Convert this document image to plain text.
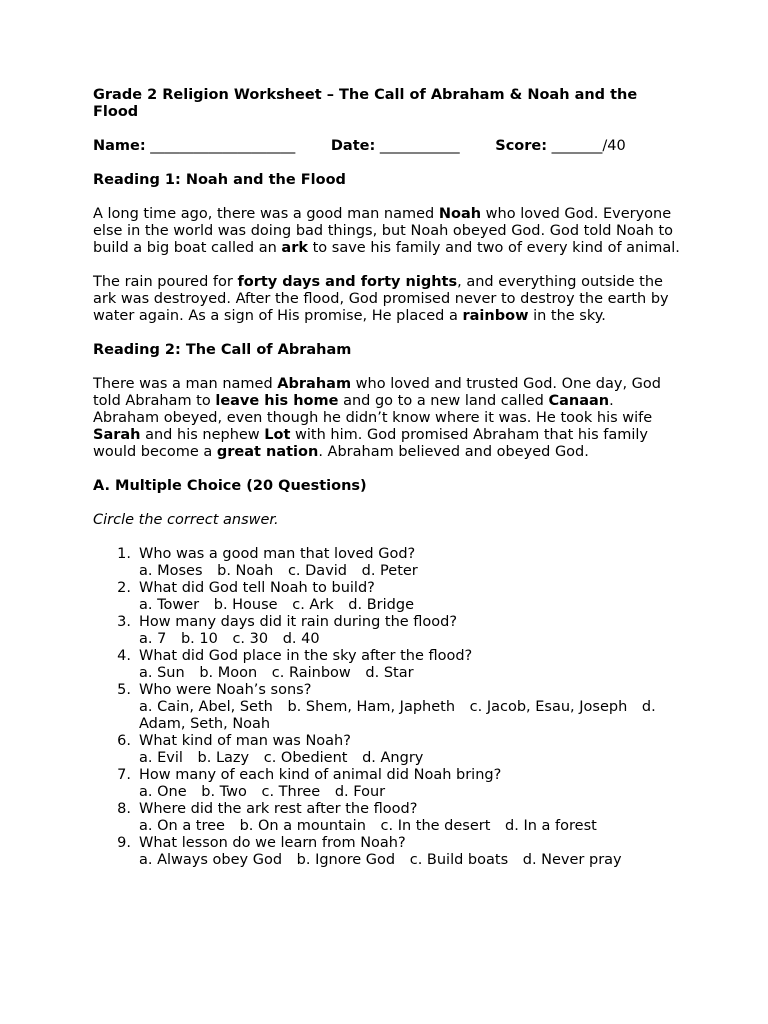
Grade 2 Religion Worksheet – The Call of Abraham & Noah and the Flood

Name: ____________________ Date: ___________ Score: _______/40

Reading 1: Noah and the Flood

A long time ago, there was a good man named Noah who loved God. Everyone else in the world was doing bad things, but Noah obeyed God. God told Noah to build a big boat called an ark to save his family and two of every kind of animal.

The rain poured for forty days and forty nights, and everything outside the ark was destroyed. After the flood, God promised never to destroy the earth by water again. As a sign of His promise, He placed a rainbow in the sky.

Reading 2: The Call of Abraham

There was a man named Abraham who loved and trusted God. One day, God told Abraham to leave his home and go to a new land called Canaan. Abraham obeyed, even though he didn’t know where it was. He took his wife Sarah and his nephew Lot with him. God promised Abraham that his family would become a great nation. Abraham believed and obeyed God.

A. Multiple Choice (20 Questions)

Circle the correct answer.

1. Who was a good man that loved God?
a. Moses b. Noah c. David d. Peter
2. What did God tell Noah to build?
a. Tower b. House c. Ark d. Bridge
3. How many days did it rain during the flood?
a. 7 b. 10 c. 30 d. 40
4. What did God place in the sky after the flood?
a. Sun b. Moon c. Rainbow d. Star
5. Who were Noah’s sons?
a. Cain, Abel, Seth b. Shem, Ham, Japheth c. Jacob, Esau, Joseph d. Adam, Seth, Noah
6. What kind of man was Noah?
a. Evil b. Lazy c. Obedient d. Angry
7. How many of each kind of animal did Noah bring?
a. One b. Two c. Three d. Four
8. Where did the ark rest after the flood?
a. On a tree b. On a mountain c. In the desert d. In a forest
9. What lesson do we learn from Noah?
a. Always obey God b. Ignore God c. Build boats d. Never pray
